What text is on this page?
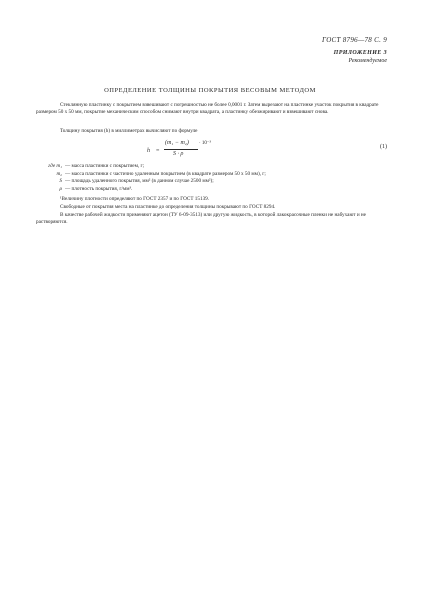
ГОСТ 8796—78 С. 9
ПРИЛОЖЕНИЕ 3
Рекомендуемое
ОПРЕДЕЛЕНИЕ ТОЛЩИНЫ ПОКРЫТИЯ ВЕСОВЫМ МЕТОДОМ
Стеклянную пластинку с покрытием взвешивают с погрешностью не более 0,0001 г. Затем вырезают на пластинке участок покрытия в квадрате размером 50 х 50 мм, покрытие механическим способом снимают внутри квадрата, а пластинку обезжиривают и взвешивают снова.
Толщину покрытия (h) в миллиметрах вычисляют по формуле
h =
(m₁ − m₂) · 10⁻³
S · ρ
(1)
где m₁ — масса пластинки с покрытием, г;
m₂ — масса пластинки с частично удаленным покрытием (в квадрате размером 50 х 50 мм), г;
S — площадь удаленного покрытия, мм² (в данном случае 2500 мм²);
ρ — плотность покрытия, г/мм³.
¹Величину плотности определяют по ГОСТ 2357 и по ГОСТ 15139.
Свободные от покрытия места на пластинке до определения толщины покрывают по ГОСТ 8294.
В качестве рабочей жидкости применяют ацетон (ТУ 6-09-3513) или другую жидкость, в которой лакокрасочные пленки не набухают и не растворяются.
